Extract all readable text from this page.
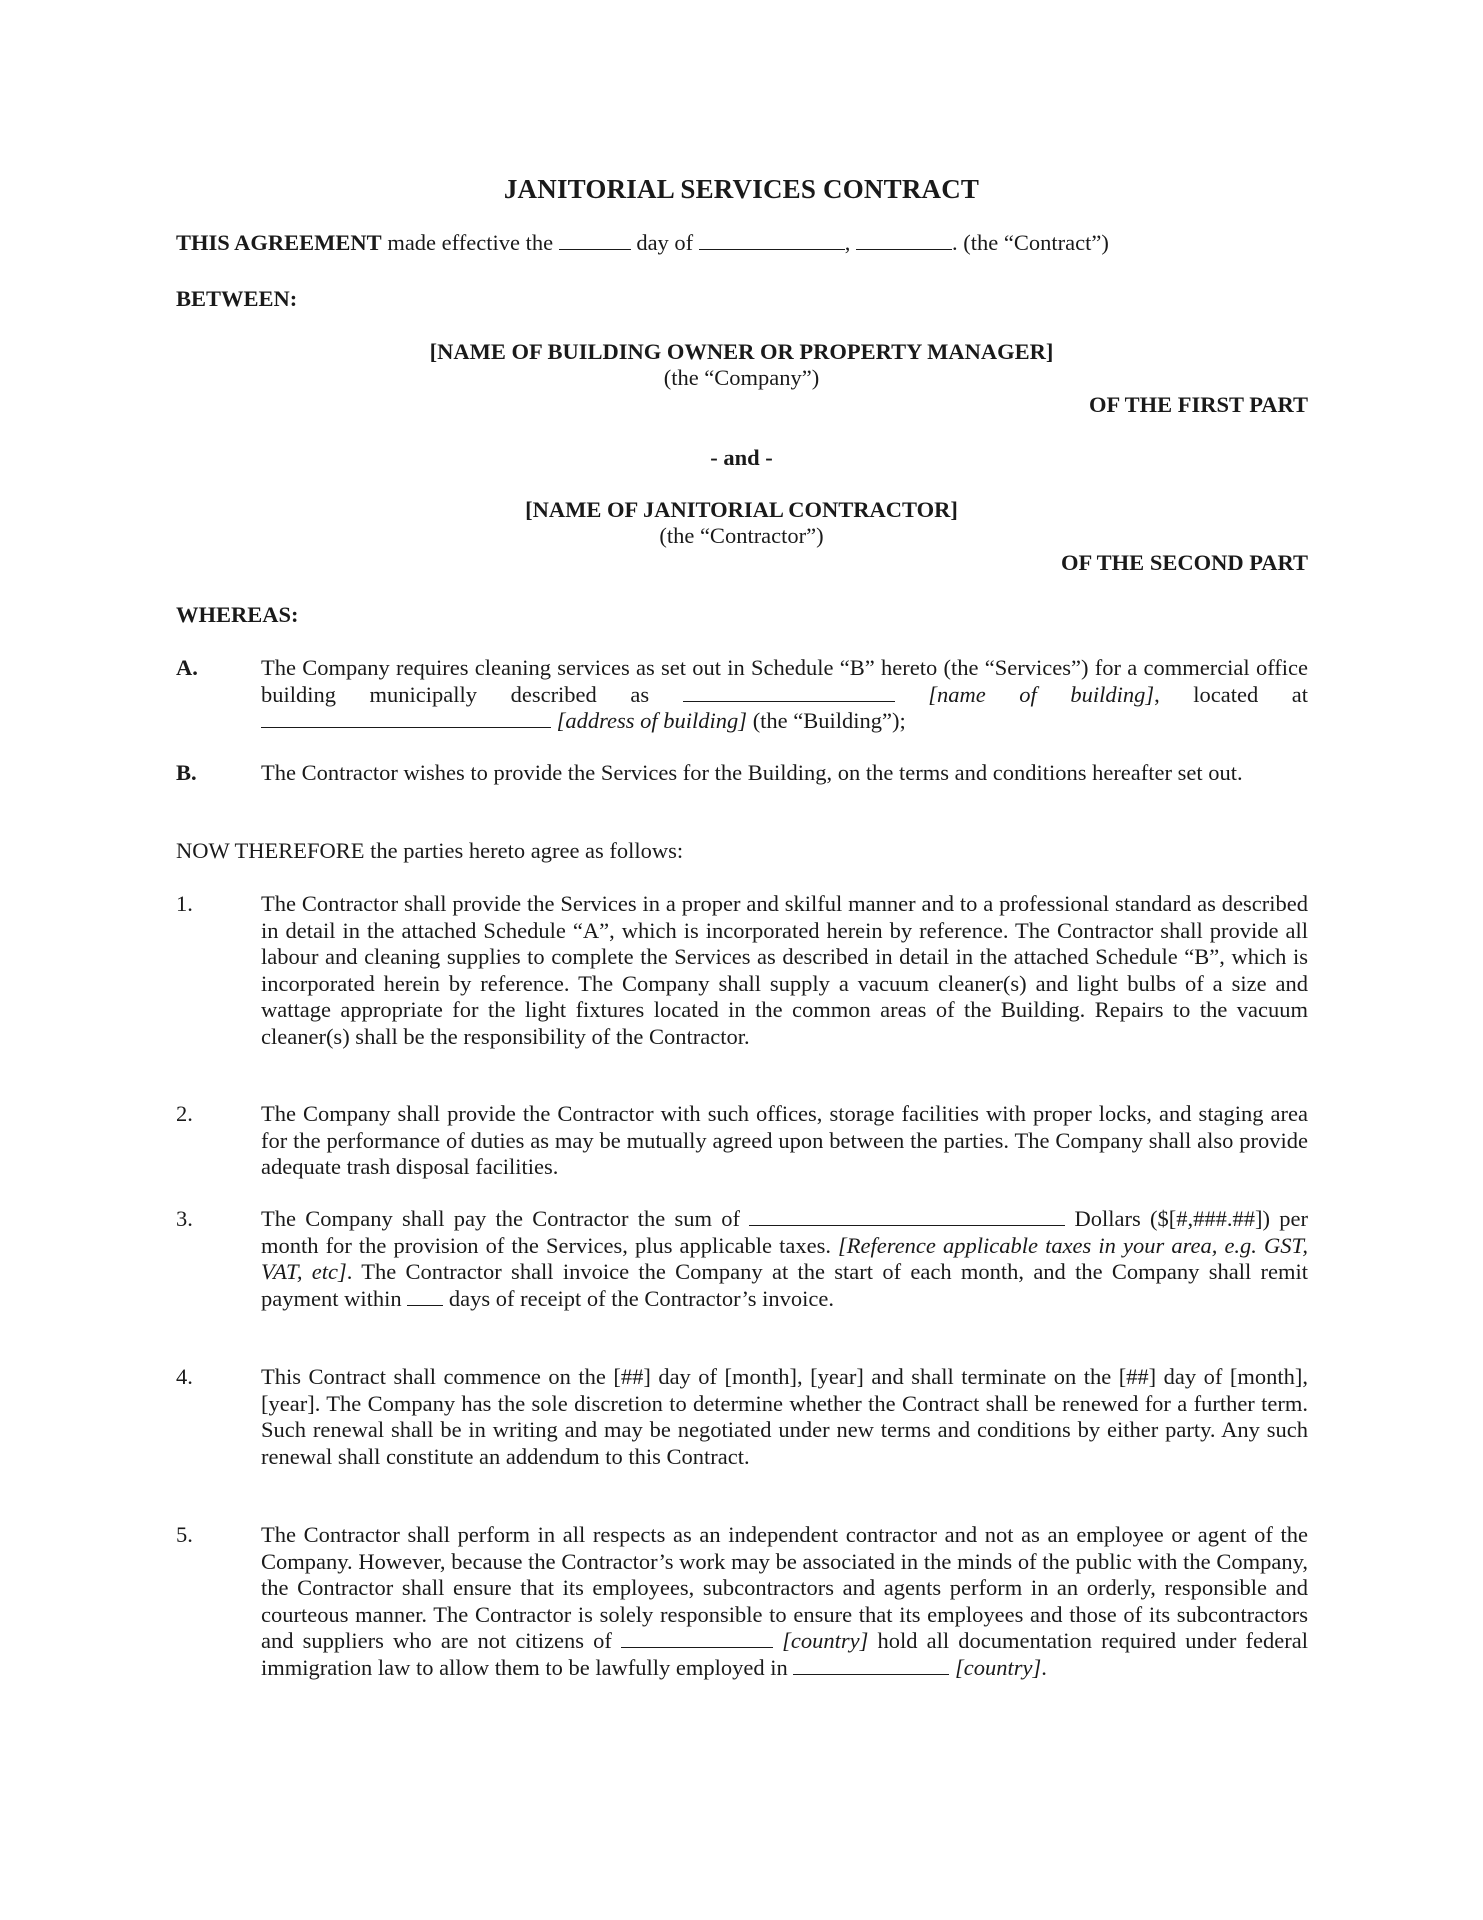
JANITORIAL SERVICES CONTRACT

THIS AGREEMENT made effective the	day of	,	. (the “Contract”)

BETWEEN:

[NAME OF BUILDING OWNER OR PROPERTY MANAGER]

(the “Company”)

OF THE FIRST PART

- and -

[NAME OF JANITORIAL CONTRACTOR]

(the “Contractor”)

OF THE SECOND PART

WHEREAS:

A.	The Company requires cleaning services as set out in Schedule “B” hereto (the “Services”) for a commercial office building municipally described as	[name of building], located at  [address of building] (the “Building”);
B.	The Contractor wishes to provide the Services for the Building, on the terms and conditions hereafter set out.

NOW THEREFORE the parties hereto agree as follows:

1.	The Contractor shall provide the Services in a proper and skilful manner and to a professional standard as described in detail in the attached Schedule “A”, which is incorporated herein by reference. The Contractor shall provide all labour and cleaning supplies to complete the Services as described in detail in the attached Schedule “B”, which is incorporated herein by reference. The Company shall supply a vacuum cleaner(s) and light bulbs of a size and wattage appropriate for the light fixtures located in the common areas of the Building. Repairs to the vacuum cleaner(s) shall be the responsibility of the Contractor.
2.	The Company shall provide the Contractor with such offices, storage facilities with proper locks, and staging area for the performance of duties as may be mutually agreed upon between the parties. The Company shall also provide adequate trash disposal facilities.
3.	The Company shall pay the Contractor the sum of	Dollars ($[#,###.##]) per month for the provision of the Services, plus applicable taxes. [Reference applicable taxes in your area, e.g. GST, VAT, etc]. The Contractor shall invoice the Company at the start of each month, and the Company shall remit payment within  days of receipt of the Contractor’s invoice.
4.	This Contract shall commence on the [##] day of [month], [year] and shall terminate on the [##] day of [month], [year]. The Company has the sole discretion to determine whether the Contract shall be renewed for a further term. Such renewal shall be in writing and may be negotiated under new terms and conditions by either party. Any such renewal shall constitute an addendum to this Contract.
5.	The Contractor shall perform in all respects as an independent contractor and not as an employee or agent of the Company. However, because the Contractor’s work may be associated in the minds of the public with the Company, the Contractor shall ensure that its employees, subcontractors and agents perform in an orderly, responsible and courteous manner. The Contractor is solely responsible to ensure that its employees and those of its subcontractors and suppliers who are not citizens of	[country] hold all documentation required under federal immigration law to allow them to be lawfully employed in	[country].
